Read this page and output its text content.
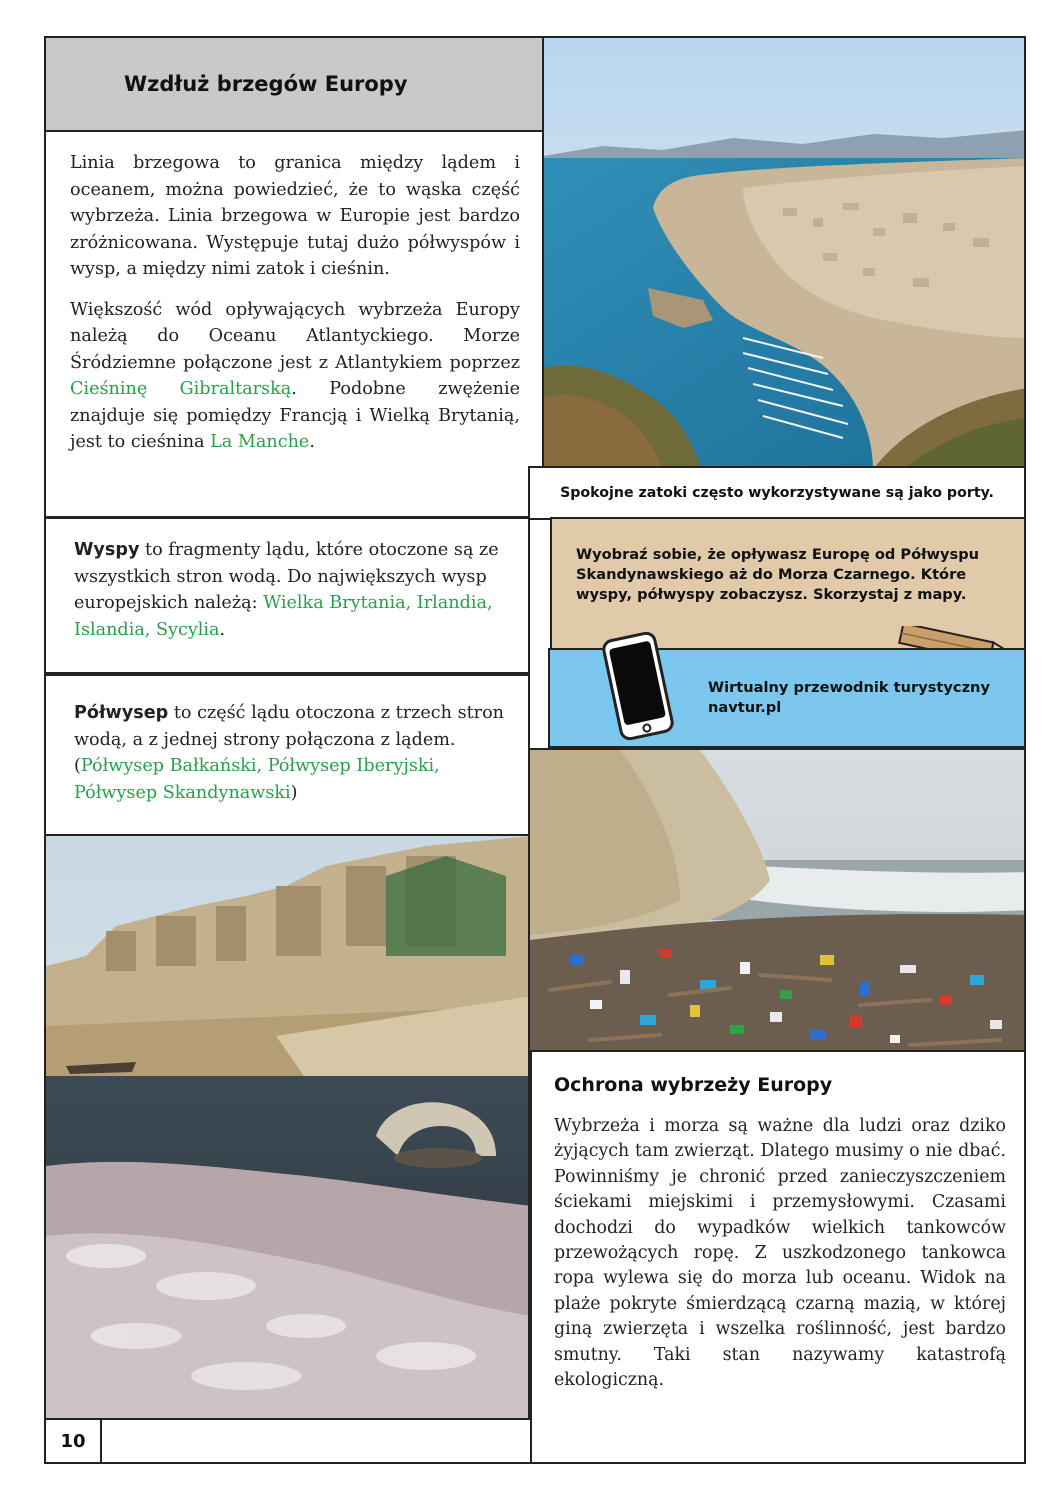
Wzdłuż brzegów Europy

Linia brzegowa to granica między lądem i oceanem, można powiedzieć, że to wąska część wybrzeża. Linia brzegowa w Europie jest bardzo zróżnicowana. Występuje tutaj dużo półwyspów i wysp, a między nimi zatok i cieśnin.

Większość wód opływających wybrzeża Europy należą do Oceanu Atlantyckiego. Morze Śródziemne połączone jest z Atlantykiem poprzez Cieśninę Gibraltarską. Podobne zwężenie znajduje się pomiędzy Francją i Wielką Brytanią, jest to cieśnina La Manche.

Spokojne zatoki często wykorzystywane są jako porty.

Wyspy to fragmenty lądu, które otoczone są ze wszystkich stron wodą. Do największych wysp europejskich należą: Wielka Brytania, Irlandia, Islandia, Sycylia.

Wyobraź sobie, że opływasz Europę od Półwyspu Skandynawskiego aż do Morza Czarnego. Które wyspy, półwyspy zobaczysz. Skorzystaj z mapy.

Wirtualny przewodnik turystyczny navtur.pl

Półwysep to część lądu otoczona z trzech stron wodą, a z jednej strony połączona z lądem. (Półwysep Bałkański, Półwysep Iberyjski, Półwysep Skandynawski)

Ochrona wybrzeży Europy

Wybrzeża i morza są ważne dla ludzi oraz dziko żyjących tam zwierząt. Dlatego musimy o nie dbać. Powinniśmy je chronić przed zanieczyszczeniem ściekami miejskimi i przemysłowymi. Czasami dochodzi do wypadków wielkich tankowców przewożących ropę. Z uszkodzonego tankowca ropa wylewa się do morza lub oceanu. Widok na plaże pokryte śmierdzącą czarną mazią, w której giną zwierzęta i wszelka roślinność, jest bardzo smutny. Taki stan nazywamy katastrofą ekologiczną.

10
